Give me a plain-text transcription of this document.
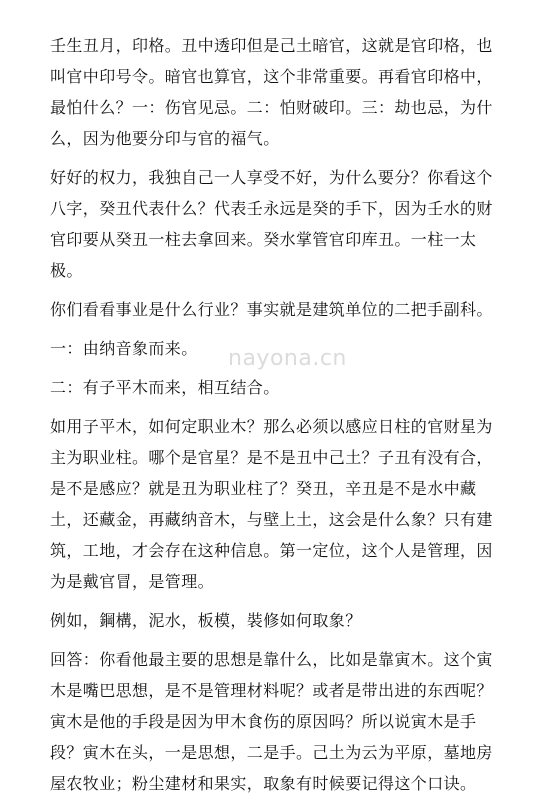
壬生丑月，印格。丑中透印但是己土暗官，这就是官印格，也叫官中印号令。暗官也算官，这个非常重要。再看官印格中，最怕什么？一：伤官见忌。二：怕财破印。三：劫也忌，为什么，因为他要分印与官的福气。

好好的权力，我独自己一人享受不好，为什么要分？你看这个八字，癸丑代表什么？代表壬永远是癸的手下，因为壬水的财官印要从癸丑一柱去拿回来。癸水掌管官印库丑。一柱一太极。

你们看看事业是什么行业？事实就是建筑单位的二把手副科。

一：由纳音象而来。

二：有子平木而来，相互结合。

如用子平木，如何定职业木？那么必须以感应日柱的官财星为主为职业柱。哪个是官星？是不是丑中己土？子丑有没有合，是不是感应？就是丑为职业柱了？癸丑，辛丑是不是水中藏土，还藏金，再藏纳音木，与壁上土，这会是什么象？只有建筑，工地，才会存在这种信息。第一定位，这个人是管理，因为是戴官冒，是管理。

例如，鋼構，泥水，板模，裝修如何取象？

回答：你看他最主要的思想是靠什么，比如是靠寅木。这个寅木是嘴巴思想，是不是管理材料呢？或者是带出进的东西呢？寅木是他的手段是因为甲木食伤的原因吗？所以说寅木是手段？寅木在头，一是思想，二是手。己土为云为平原，墓地房屋农牧业；粉尘建材和果实，取象有时候要记得这个口诀。

nayona.cn
